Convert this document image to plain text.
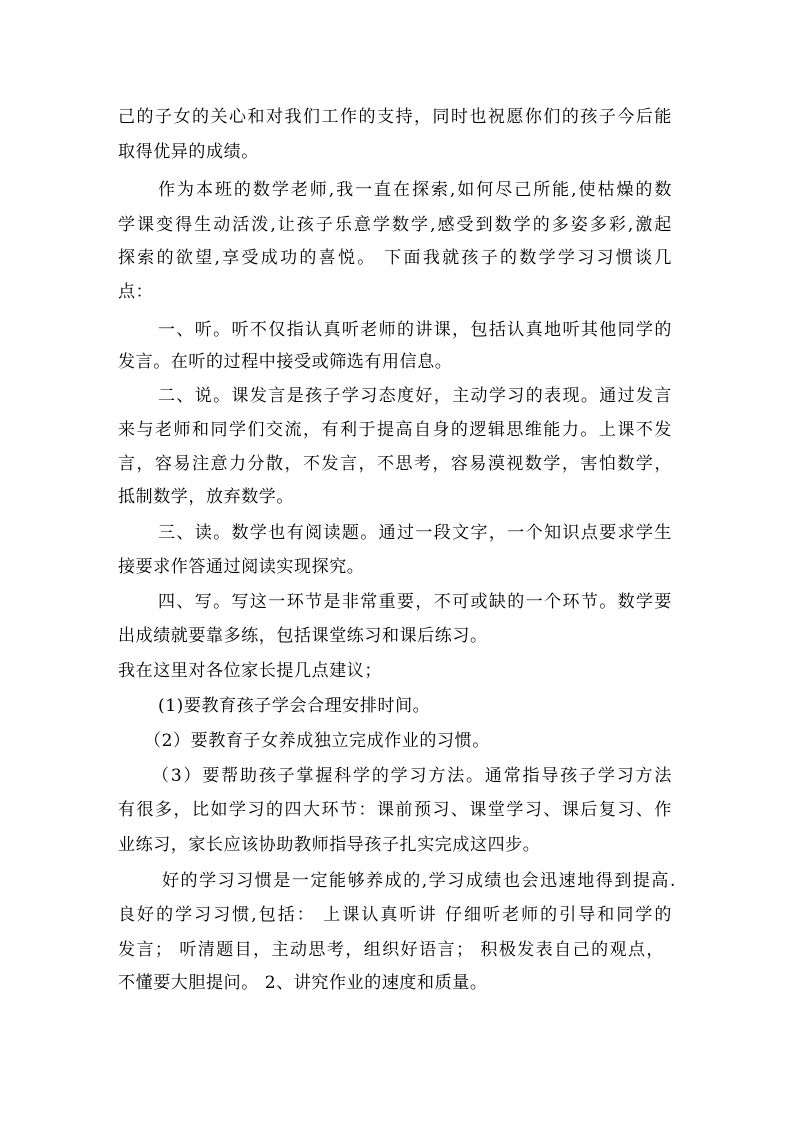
己的子女的关心和对我们工作的支持，同时也祝愿你们的孩子今后能
取得优异的成绩。
作为本班的数学老师,我一直在探索,如何尽己所能,使枯燥的数
学课变得生动活泼,让孩子乐意学数学,感受到数学的多姿多彩,激起
探索的欲望,享受成功的喜悦。 下面我就孩子的数学学习习惯谈几
点：
一、听。听不仅指认真听老师的讲课，包括认真地听其他同学的
发言。在听的过程中接受或筛选有用信息。
二、说。课发言是孩子学习态度好，主动学习的表现。通过发言
来与老师和同学们交流，有利于提高自身的逻辑思维能力。上课不发
言，容易注意力分散，不发言，不思考，容易漠视数学，害怕数学，
抵制数学，放弃数学。
三、读。数学也有阅读题。通过一段文字，一个知识点要求学生
接要求作答通过阅读实现探究。
四、写。写这一环节是非常重要，不可或缺的一个环节。数学要
出成绩就要靠多练，包括课堂练习和课后练习。
我在这里对各位家长提几点建议；
(1)要教育孩子学会合理安排时间。
（2）要教育子女养成独立完成作业的习惯。
（3）要帮助孩子掌握科学的学习方法。通常指导孩子学习方法
有很多，比如学习的四大环节：课前预习、课堂学习、课后复习、作
业练习，家长应该协助教师指导孩子扎实完成这四步。
好的学习习惯是一定能够养成的,学习成绩也会迅速地得到提高.
良好的学习习惯,包括： 上课认真听讲 仔细听老师的引导和同学的
发言； 听清题目，主动思考，组织好语言； 积极发表自己的观点，
不懂要大胆提问。 2、讲究作业的速度和质量。
